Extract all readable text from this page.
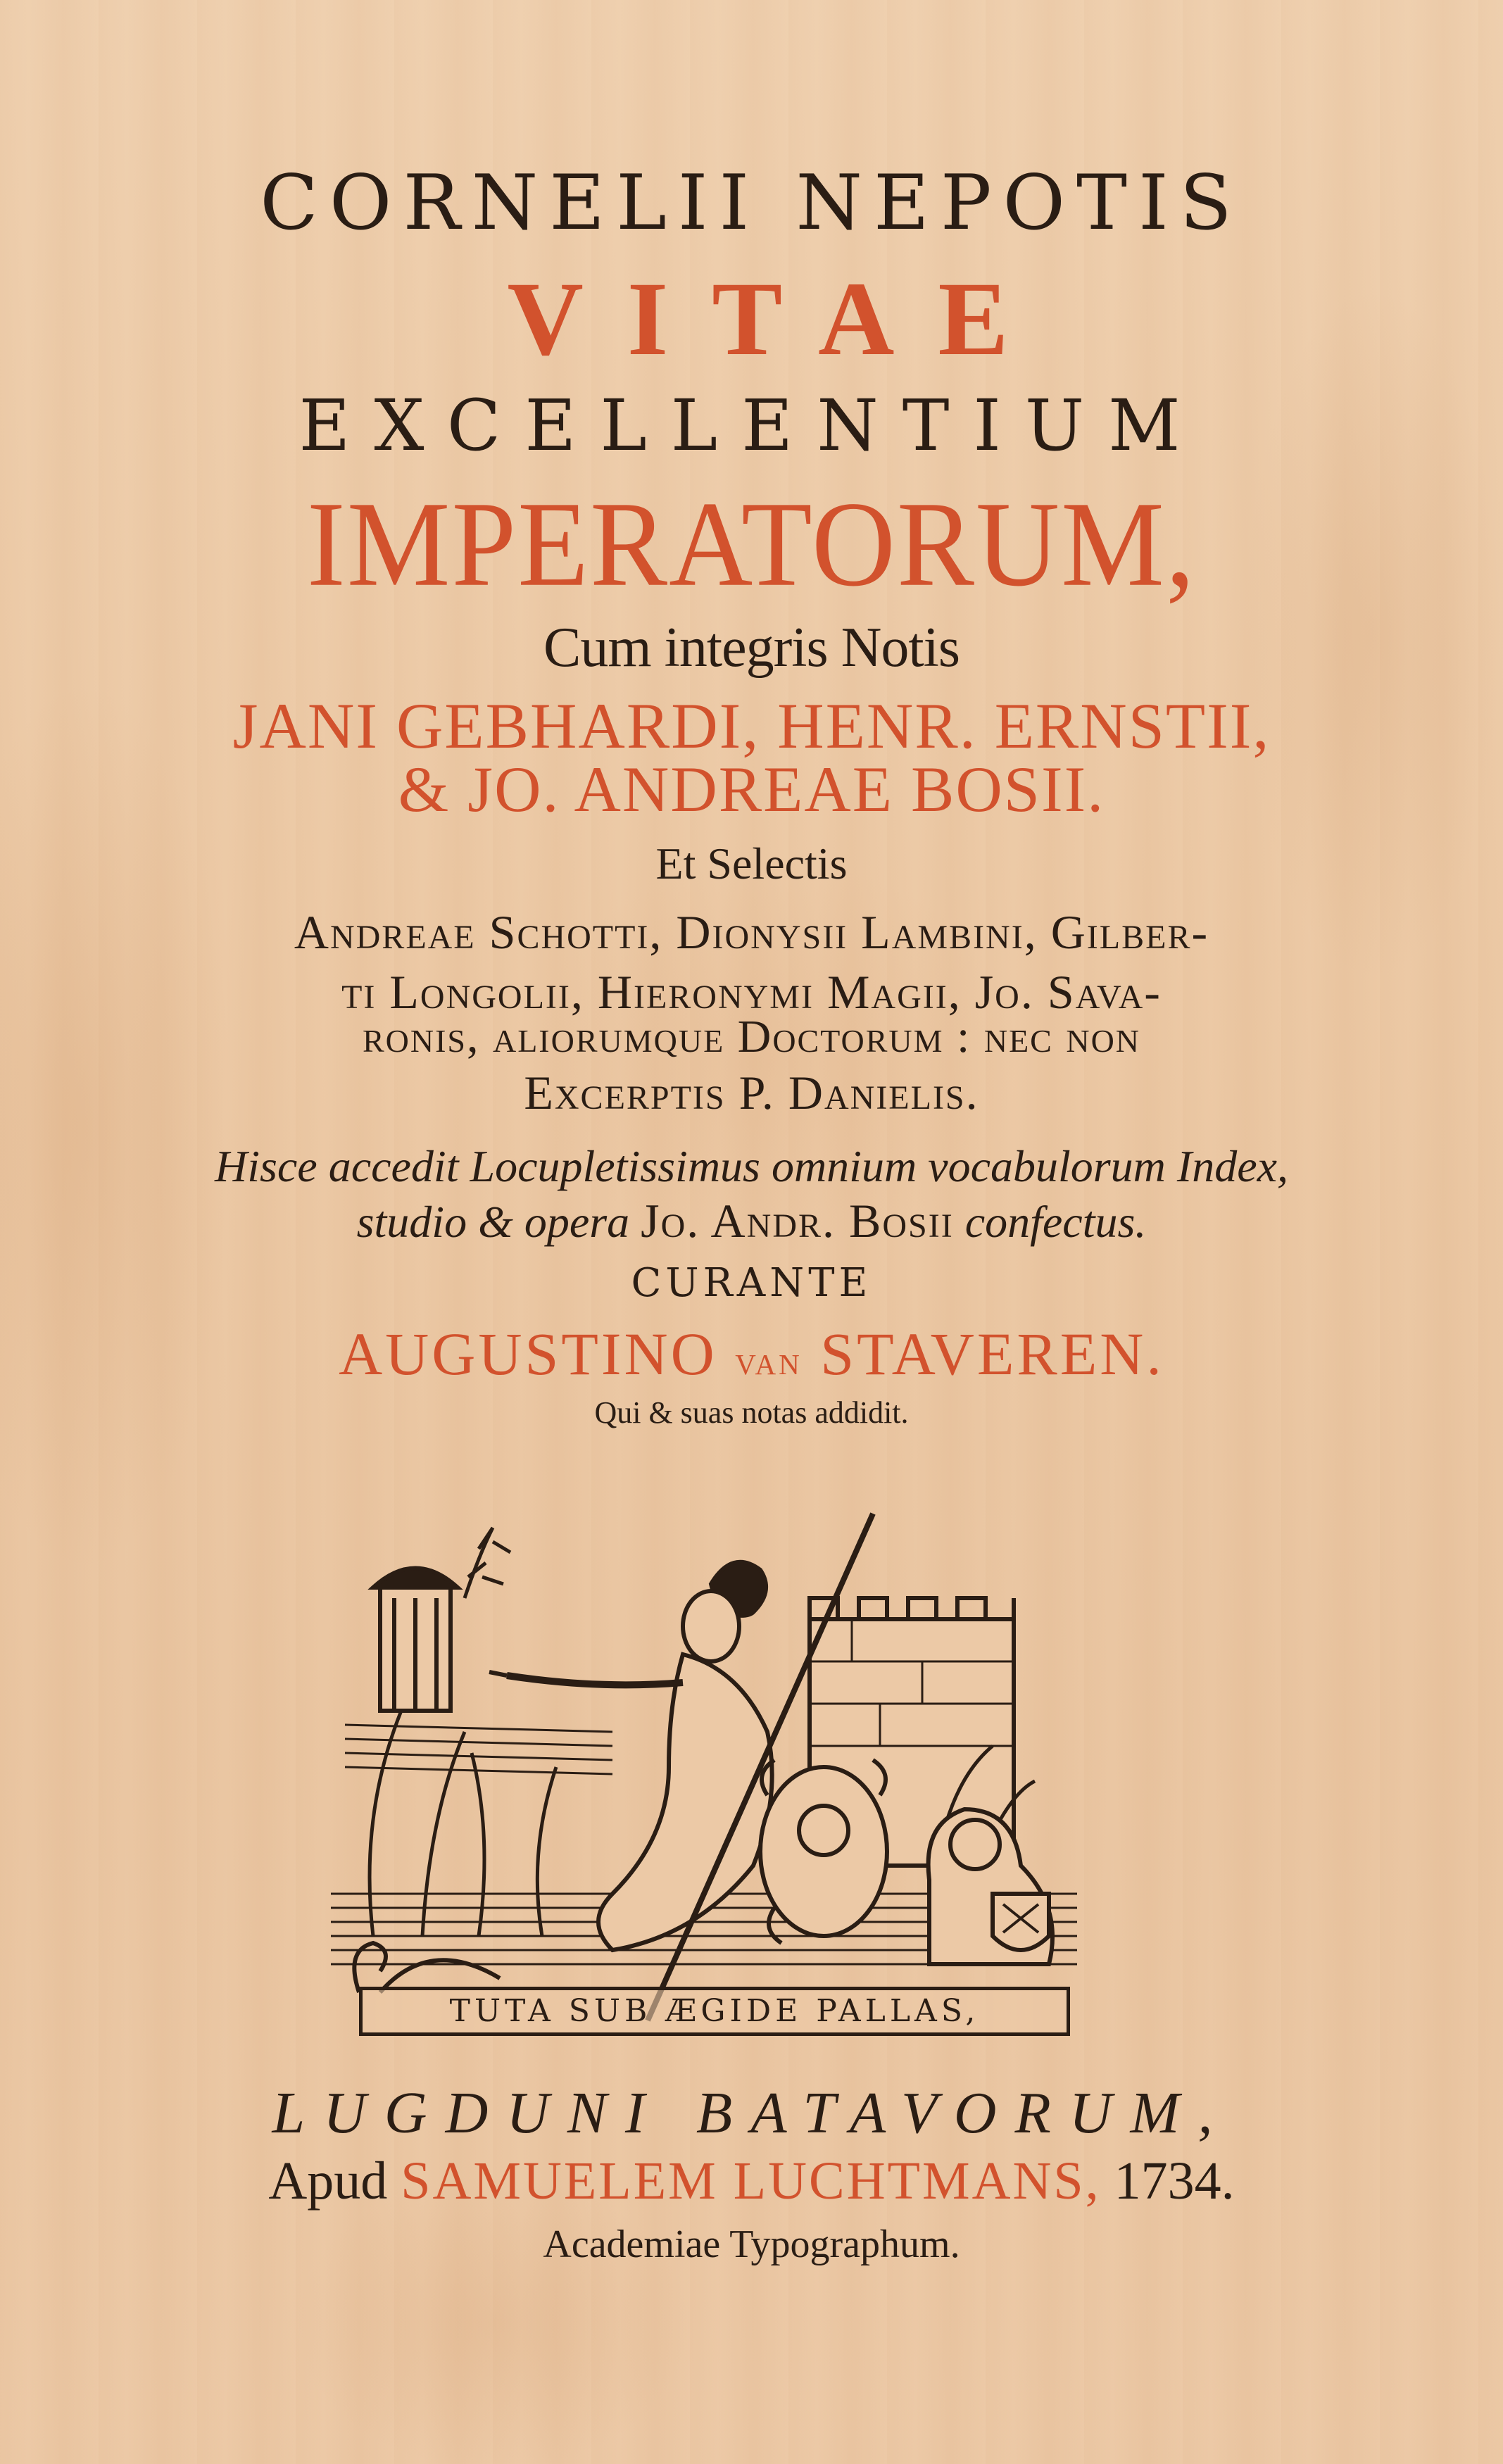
CORNELII NEPOTIS
VITAE
EXCELLENTIUM
IMPERATORUM,
Cum integris Notis
JANI GEBHARDI, HENR. ERNSTII,
& JO. ANDREAE BOSII.
Et Selectis
Andreae Schotti, Dionysii Lambini, Gilber-
ti Longolii, Hieronymi Magii, Jo. Sava-
ronis, aliorumque Doctorum : nec non
Excerptis P. Danielis.
Hisce accedit Locupletissimus omnium vocabulorum Index,
studio & opera Jo. Andr. Bosii confectus.
CURANTE
AUGUSTINO van STAVEREN.
Qui & suas notas addidit.
TUTA SUB ÆGIDE PALLAS,
LUGDUNI BATAVORUM,
Apud SAMUELEM LUCHTMANS, 1734.
Academiae Typographum.
